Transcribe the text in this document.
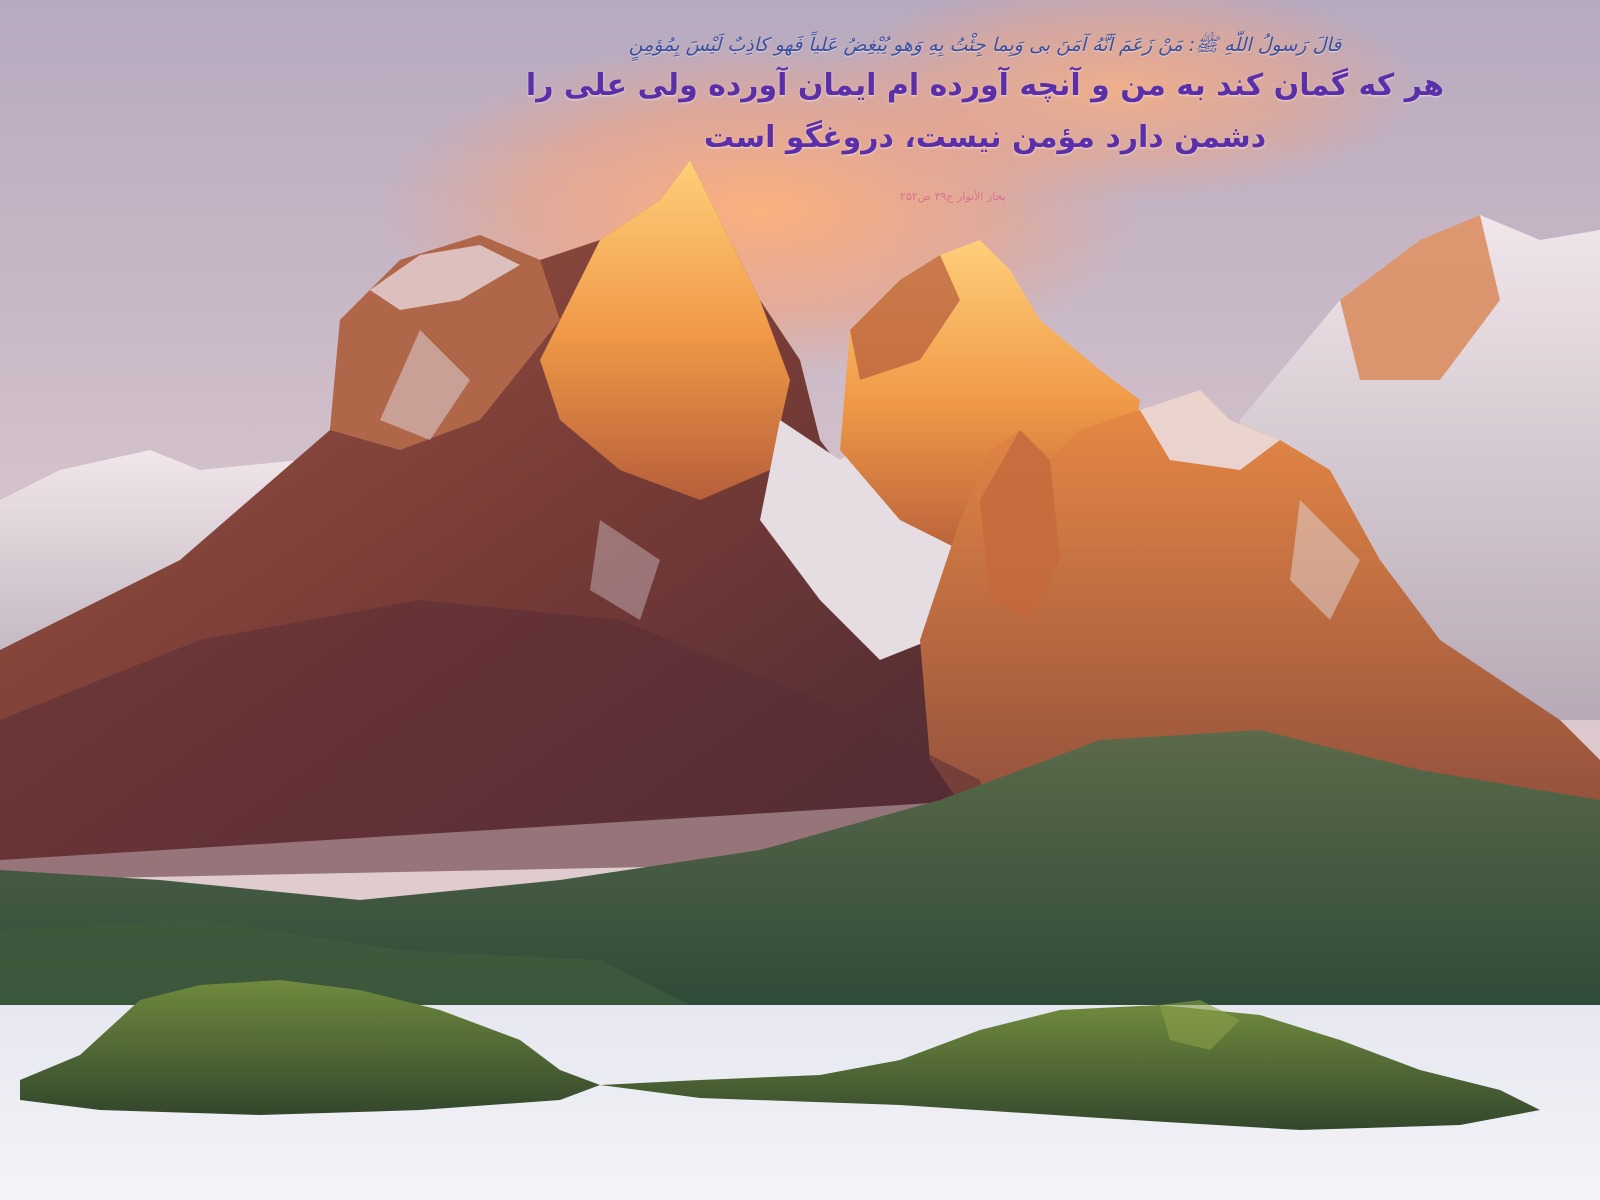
قالَ رَسولُ اللّهِ ﷺ: مَنْ زَعَمَ اَنَّهُ آمَنَ بی وَبِما جِئْتُ بِهِ وَهو يُبْغِضُ عَلياً فَهو كاذِبٌ لَيْسَ بِمُؤمِنٍ
هر که گمان کند به من و آنچه آورده ام ایمان آورده ولی علی را
دشمن دارد مؤمن نیست، دروغگو است
بحار الأنوار ج۳۹ ص۲۵۲
